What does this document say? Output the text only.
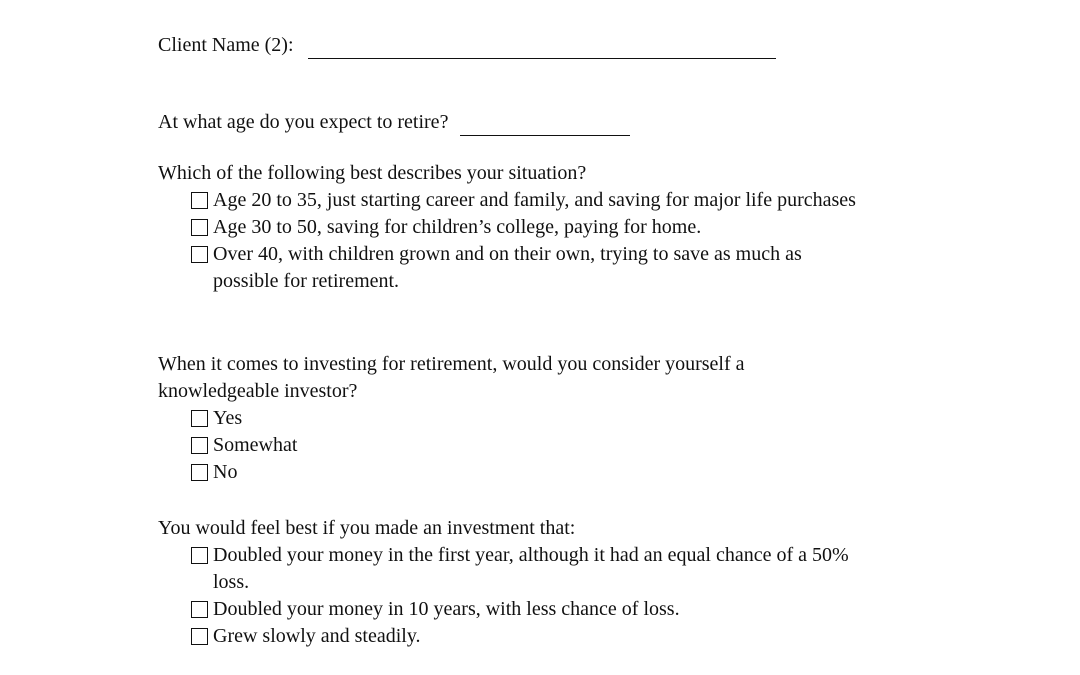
Client Name (2):
At what age do you expect to retire?
Which of the following best describes your situation?
Age 20 to 35, just starting career and family, and saving for major life purchases
Age 30 to 50, saving for children’s college, paying for home.
Over 40, with children grown and on their own, trying to save as much as possible for retirement.
When it comes to investing for retirement, would you consider yourself a knowledgeable investor?
Yes
Somewhat
No
You would feel best if you made an investment that:
Doubled your money in the first year, although it had an equal chance of a 50% loss.
Doubled your money in 10 years, with less chance of loss.
Grew slowly and steadily.
